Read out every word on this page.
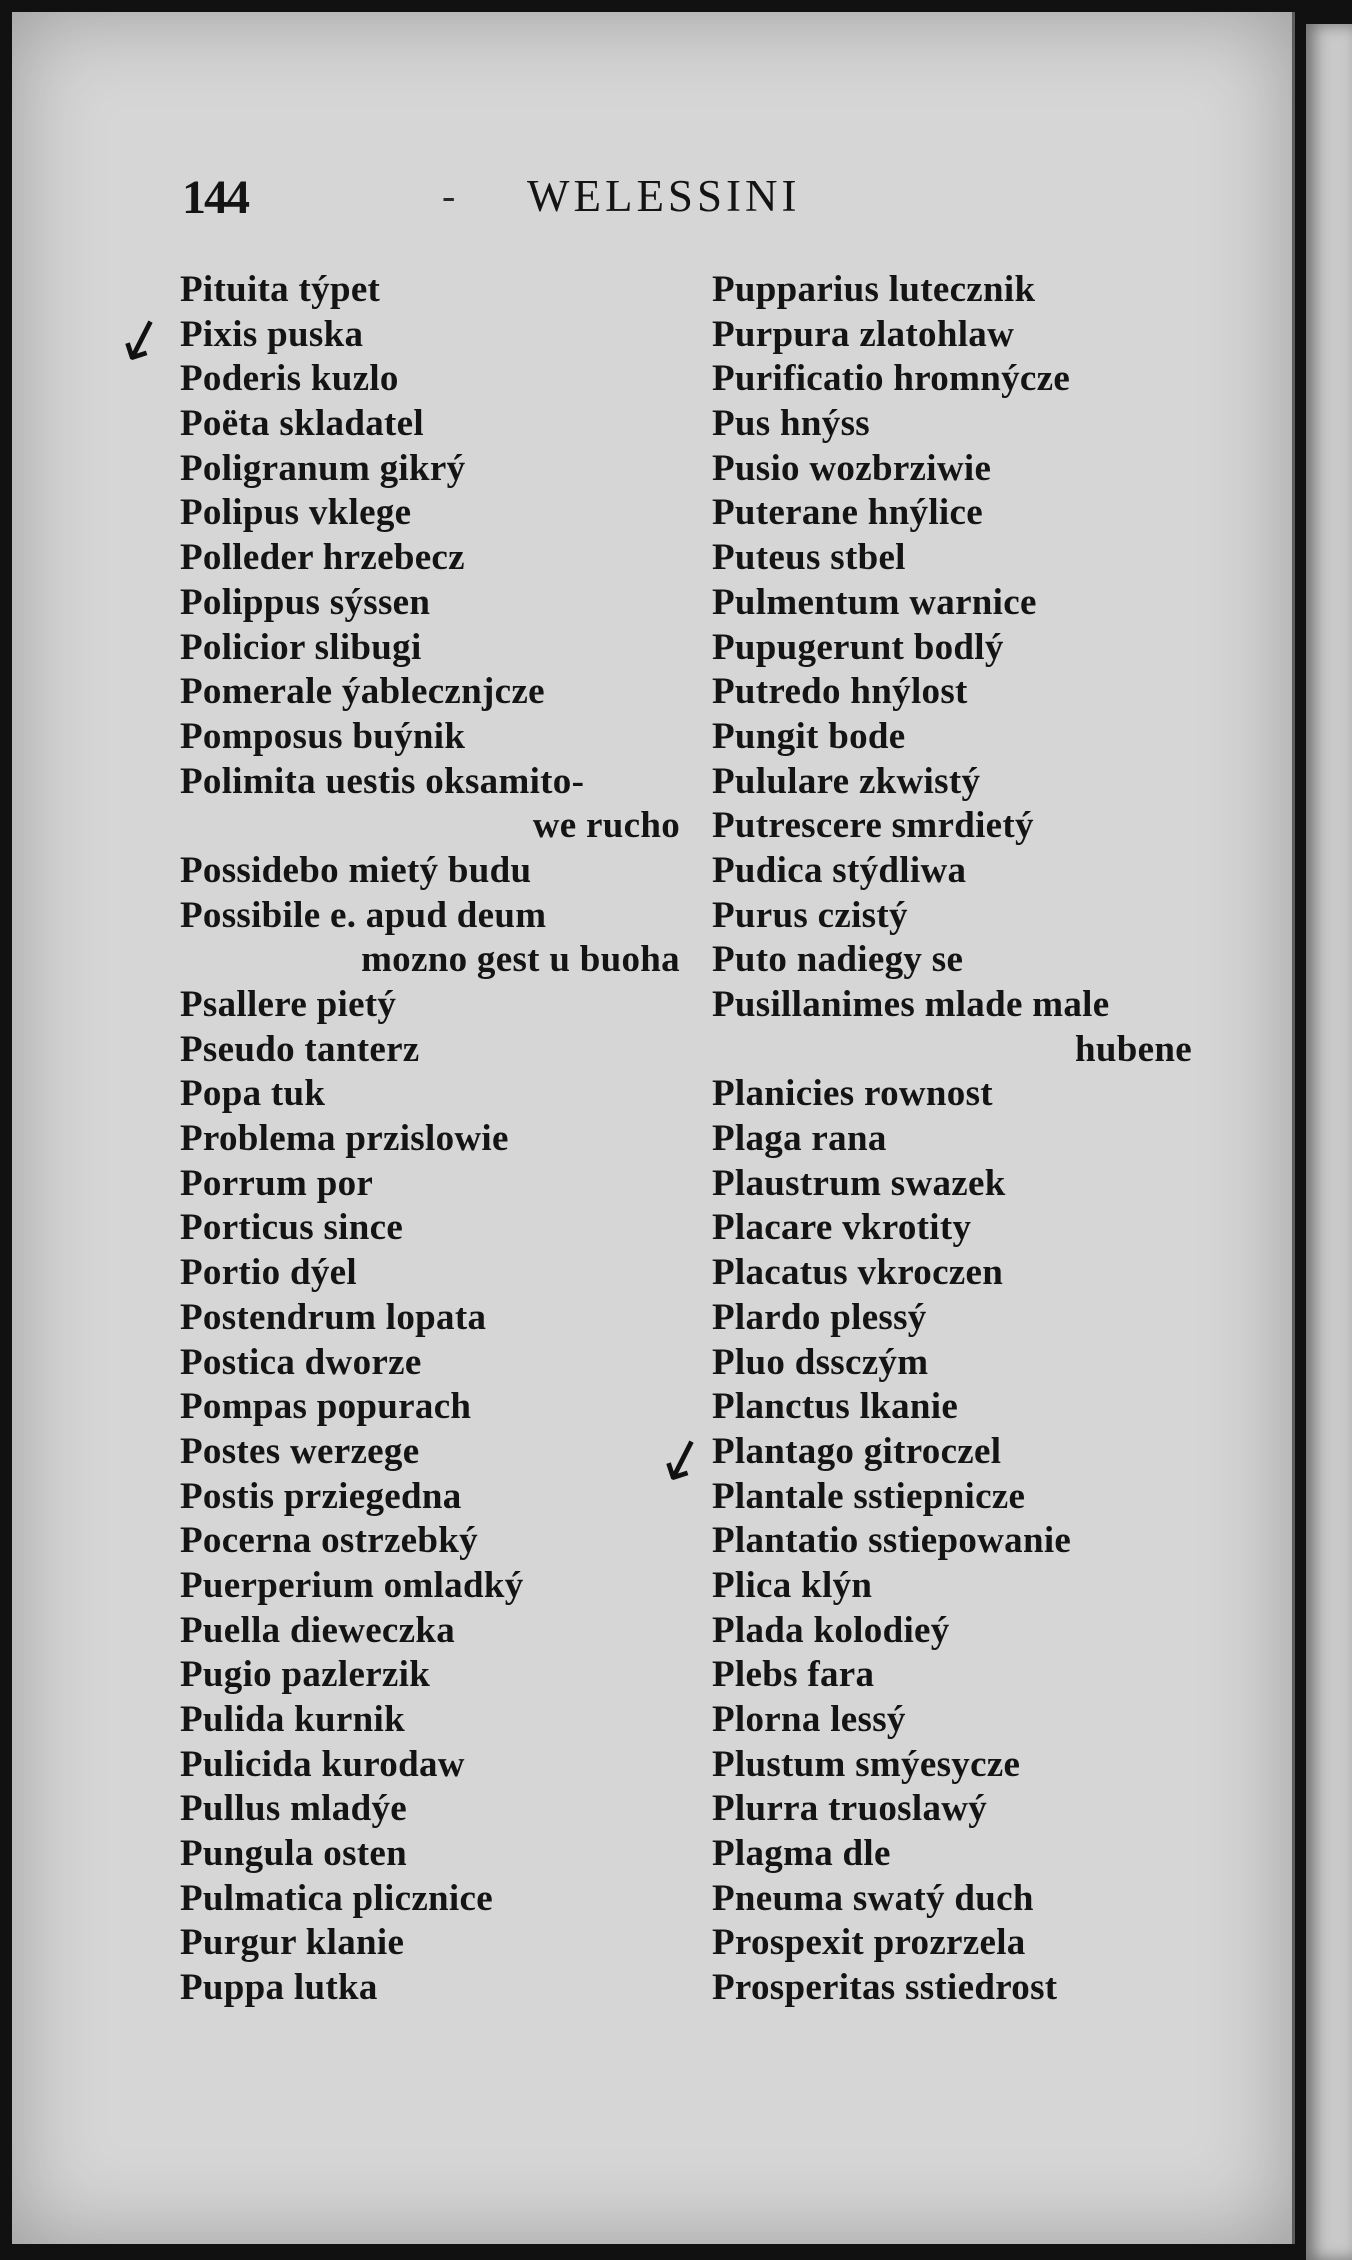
144	WELESSINI
-
Pituita týpet
Pixis puska
Poderis kuzlo
Poëta skladatel
Poligranum gikrý
Polipus vklege
Polleder hrzebecz
Polippus sýssen
Policior slibugi
Pomerale ýablecznjcze
Pomposus buýnik
Polimita uestis oksamito-
we rucho
Possidebo mietý budu
Possibile e. apud deum
mozno gest u buoha
Psallere pietý
Pseudo tanterz
Popa tuk
Problema przislowie
Porrum por
Porticus since
Portio dýel
Postendrum lopata
Postica dworze
Pompas popurach
Postes werzege
Postis prziegedna
Pocerna ostrzebký
Puerperium omladký
Puella dieweczka
Pugio pazlerzik
Pulida kurnik
Pulicida kurodaw
Pullus mladýe
Pungula osten
Pulmatica plicznice
Purgur klanie
Puppa lutka
Pupparius lutecznik
Purpura zlatohlaw
Purificatio hromnýcze
Pus hnýss
Pusio wozbrziwie
Puterane hnýlice
Puteus stbel
Pulmentum warnice
Pupugerunt bodlý
Putredo hnýlost
Pungit bode
Pululare zkwistý
Putrescere smrdietý
Pudica stýdliwa
Purus czistý
Puto nadiegy se
Pusillanimes mlade male
hubene
Planicies rownost
Plaga rana
Plaustrum swazek
Placare vkrotity
Placatus vkroczen
Plardo plessý
Pluo dssczým
Planctus lkanie
Plantago gitroczel
Plantale sstiepnicze
Plantatio sstiepowanie
Plica klýn
Plada kolodieý
Plebs fara
Plorna lessý
Plustum smýesycze
Plurra truoslawý
Plagma dle
Pneuma swatý duch
Prospexit prozrzela
Prosperitas sstiedrost
↙
↙
